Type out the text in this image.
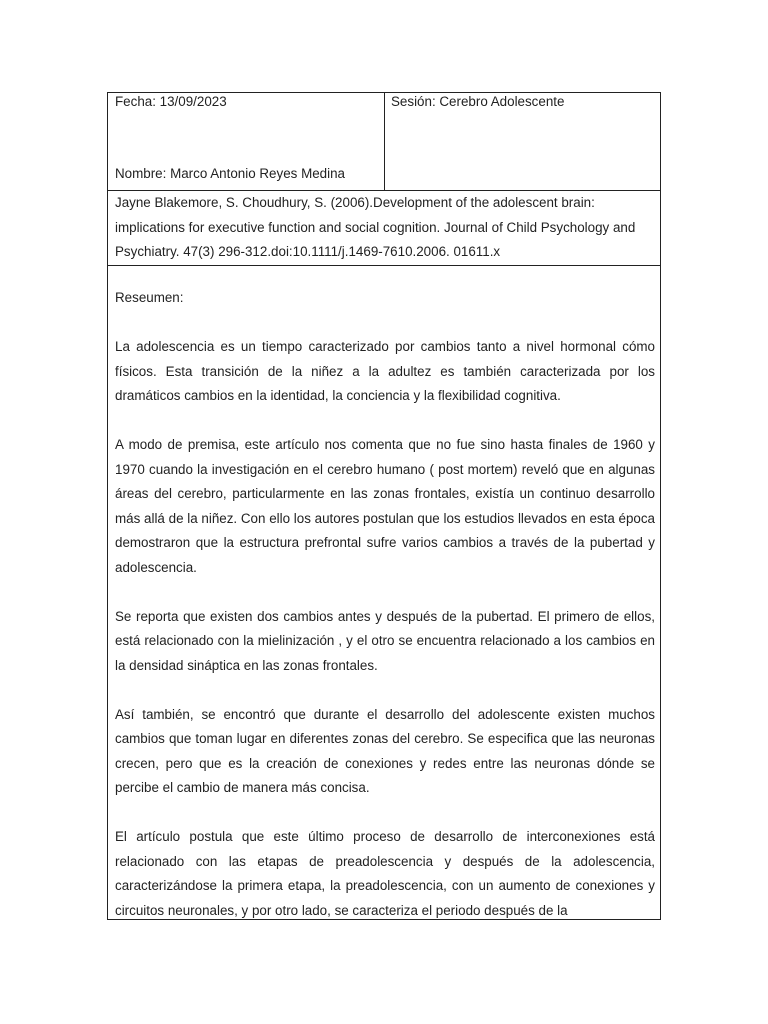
Fecha: 13/09/2023
Nombre: Marco Antonio Reyes Medina
Sesión: Cerebro Adolescente

Jayne Blakemore, S. Choudhury, S. (2006).Development of the adolescent brain: implications for executive function and social cognition. Journal of Child Psychology and Psychiatry. 47(3) 296-312.doi:10.1111/j.1469-7610.2006. 01611.x

Reseumen:

La adolescencia es un tiempo caracterizado por cambios tanto a nivel hormonal cómo físicos. Esta transición de la niñez a la adultez es también caracterizada por los dramáticos cambios en la identidad, la conciencia y la flexibilidad cognitiva.

A modo de premisa, este artículo nos comenta que no fue sino hasta finales de 1960 y 1970 cuando la investigación en el cerebro humano ( post mortem) reveló que en algunas áreas del cerebro, particularmente en las zonas frontales, existía un continuo desarrollo más allá de la niñez. Con ello los autores postulan que los estudios llevados en esta época demostraron que la estructura prefrontal sufre varios cambios a través de la pubertad y adolescencia.

Se reporta que existen dos cambios antes y después de la pubertad. El primero de ellos, está relacionado con la mielinización , y el otro se encuentra relacionado a los cambios en la densidad sináptica en las zonas frontales.

Así también, se encontró que durante el desarrollo del adolescente existen muchos cambios que toman lugar en diferentes zonas del cerebro. Se especifica que las neuronas crecen, pero que es la creación de conexiones y redes entre las neuronas dónde se percibe el cambio de manera más concisa.

El artículo postula que este último proceso de desarrollo de interconexiones está relacionado con las etapas de preadolescencia y después de la adolescencia, caracterizándose la primera etapa, la preadolescencia, con un aumento de conexiones y circuitos neuronales, y por otro lado, se caracteriza el periodo después de la
